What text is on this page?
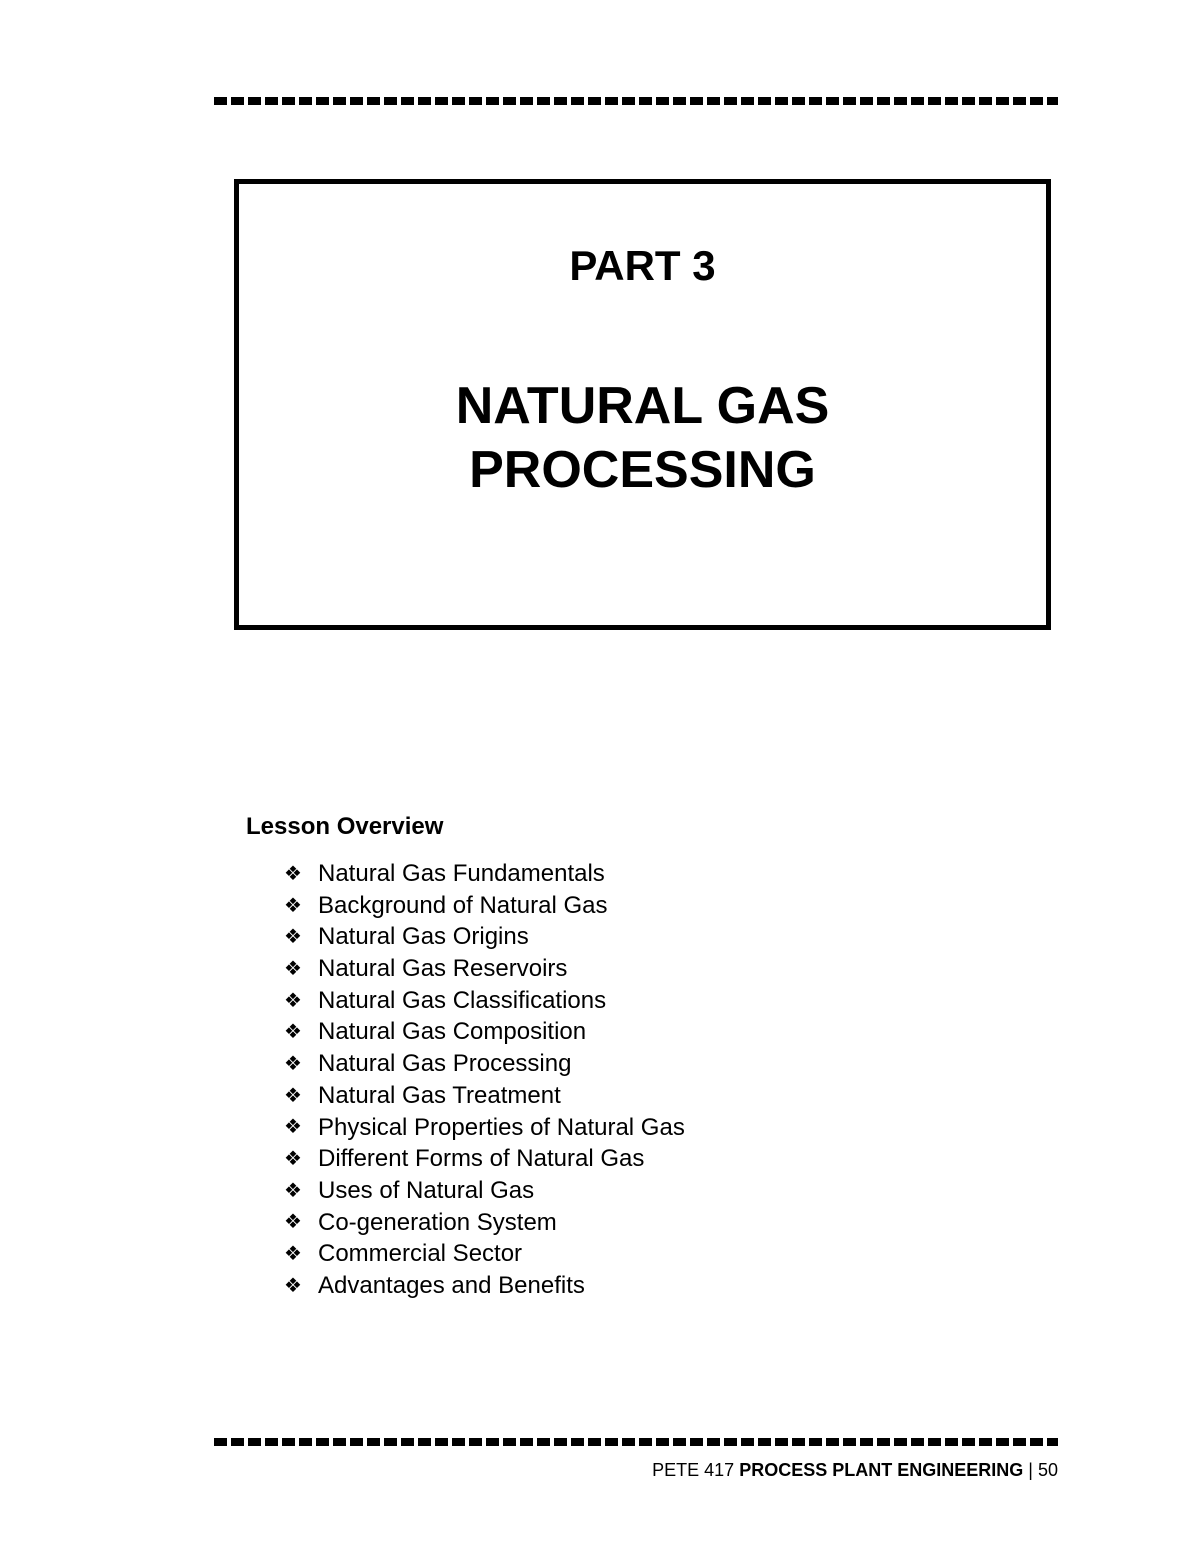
PART 3
NATURAL GAS
PROCESSING
Lesson Overview
❖ Natural Gas Fundamentals
❖ Background of Natural Gas
❖ Natural Gas Origins
❖ Natural Gas Reservoirs
❖ Natural Gas Classifications
❖ Natural Gas Composition
❖ Natural Gas Processing
❖ Natural Gas Treatment
❖ Physical Properties of Natural Gas
❖ Different Forms of Natural Gas
❖ Uses of Natural Gas
❖ Co-generation System
❖ Commercial Sector
❖ Advantages and Benefits
PETE 417 PROCESS PLANT ENGINEERING | 50
